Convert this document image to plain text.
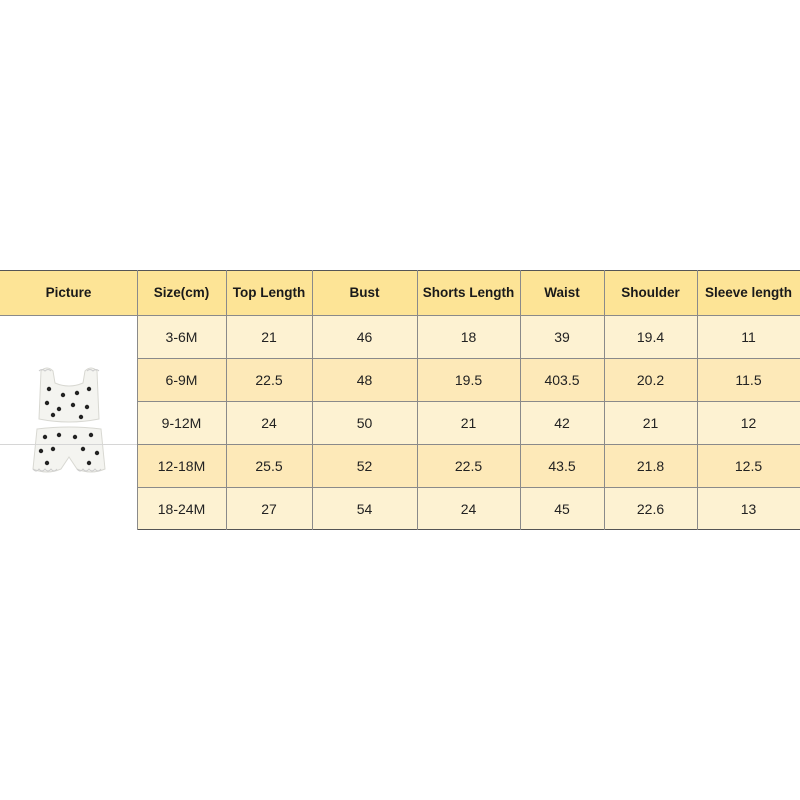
Picture	Size(cm)	Top Length	Bust	Shorts Length	Waist	Shoulder	Sleeve length
3-6M	21	46	18	39	19.4	11
6-9M	22.5	48	19.5	403.5	20.2	11.5
9-12M	24	50	21	42	21	12
12-18M	25.5	52	22.5	43.5	21.8	12.5
18-24M	27	54	24	45	22.6	13
